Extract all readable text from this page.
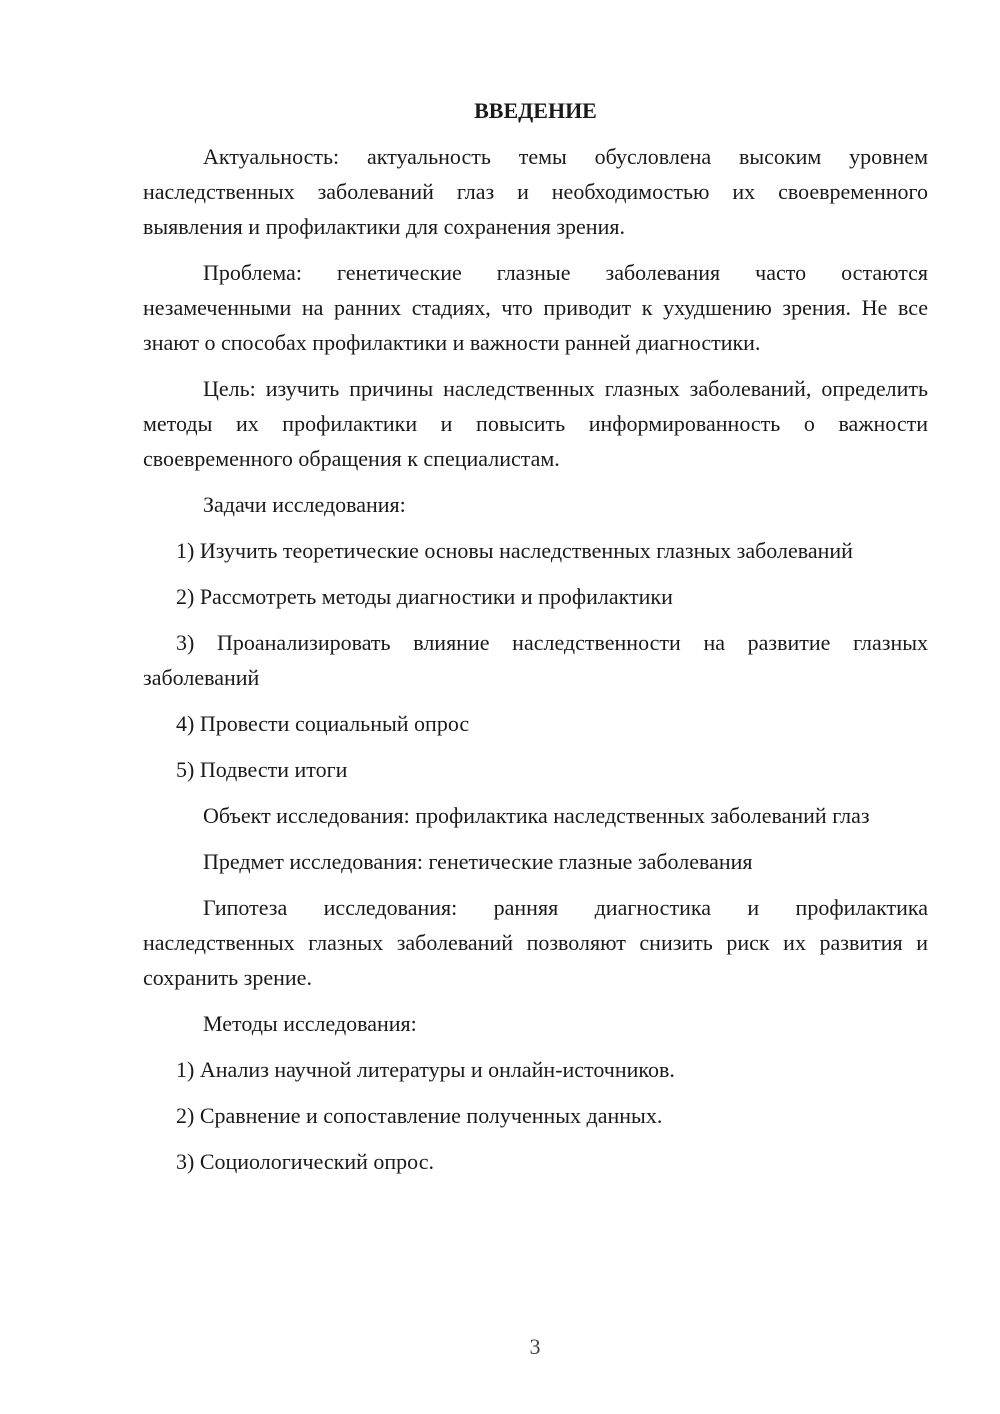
ВВЕДЕНИЕ

Актуальность: актуальность темы обусловлена высоким уровнем наследственных заболеваний глаз и необходимостью их своевременного выявления и профилактики для сохранения зрения.

Проблема: генетические глазные заболевания часто остаются незамеченными на ранних стадиях, что приводит к ухудшению зрения. Не все знают о способах профилактики и важности ранней диагностики.

Цель: изучить причины наследственных глазных заболеваний, определить методы их профилактики и повысить информированность о важности своевременного обращения к специалистам.

Задачи исследования:

1) Изучить теоретические основы наследственных глазных заболеваний

2) Рассмотреть методы диагностики и профилактики

3) Проанализировать влияние наследственности на развитие глазных заболеваний

4) Провести социальный опрос

5) Подвести итоги

Объект исследования: профилактика наследственных заболеваний глаз

Предмет исследования: генетические глазные заболевания

Гипотеза исследования: ранняя диагностика и профилактика наследственных глазных заболеваний позволяют снизить риск их развития и сохранить зрение.

Методы исследования:

1) Анализ научной литературы и онлайн-источников.

2) Сравнение и сопоставление полученных данных.

3) Социологический опрос.

3
